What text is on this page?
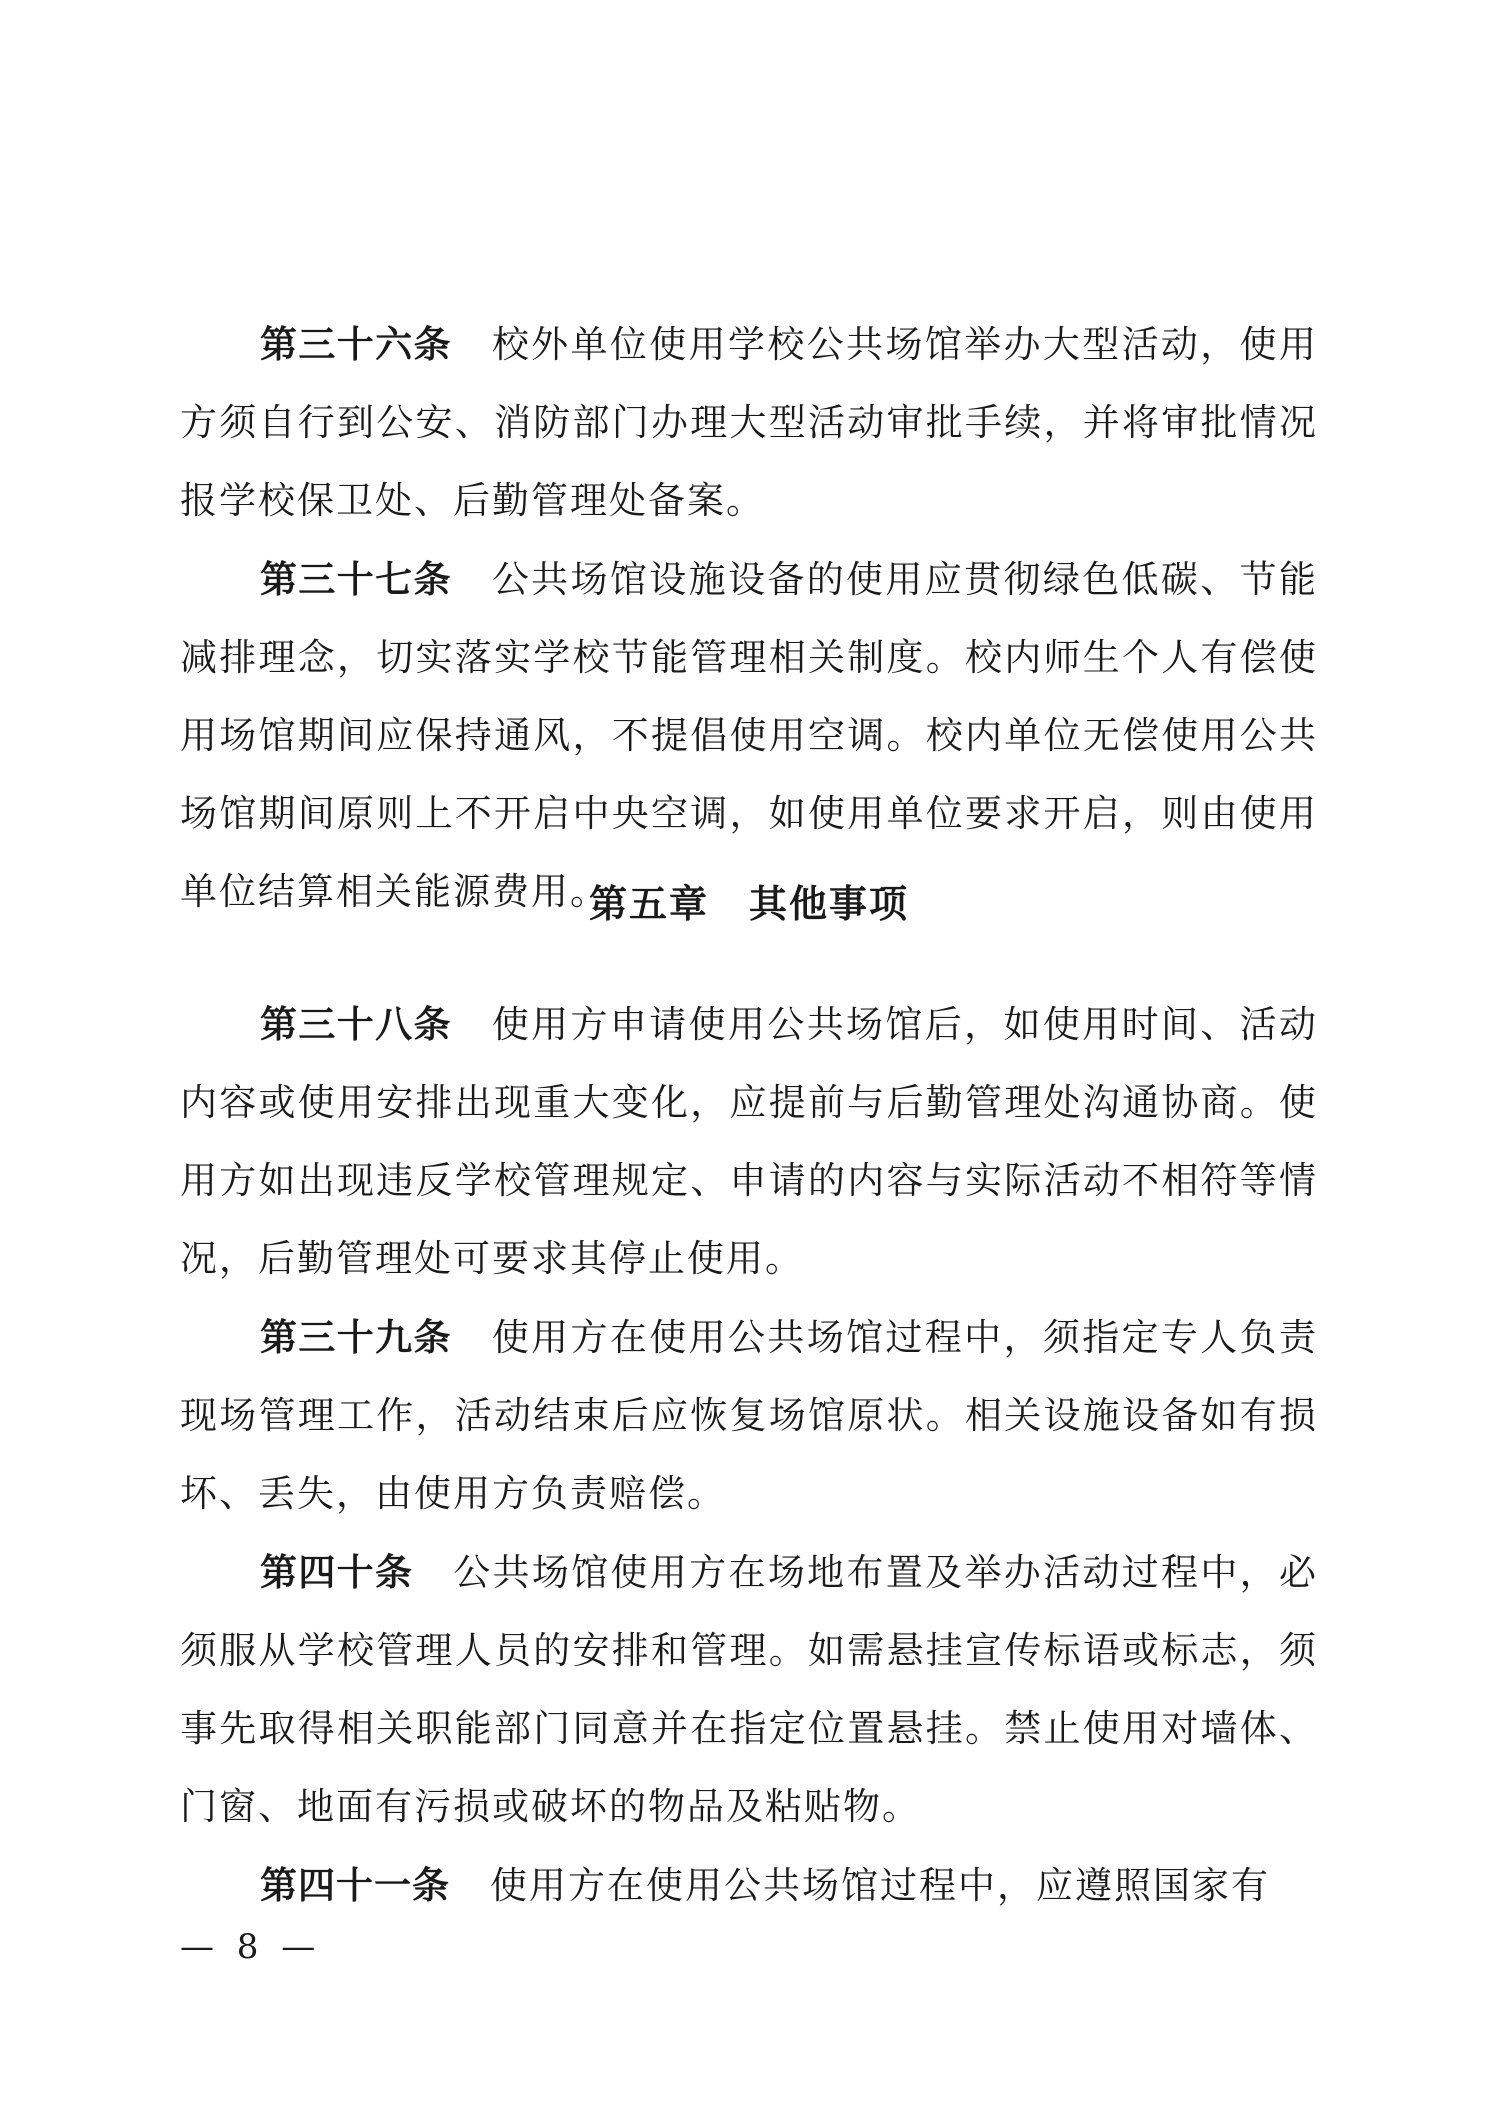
第三十六条 校外单位使用学校公共场馆举办大型活动，使用方须自行到公安、消防部门办理大型活动审批手续，并将审批情况报学校保卫处、后勤管理处备案。

第三十七条 公共场馆设施设备的使用应贯彻绿色低碳、节能减排理念，切实落实学校节能管理相关制度。校内师生个人有偿使用场馆期间应保持通风，不提倡使用空调。校内单位无偿使用公共场馆期间原则上不开启中央空调，如使用单位要求开启，则由使用单位结算相关能源费用。

第五章 其他事项

第三十八条 使用方申请使用公共场馆后，如使用时间、活动内容或使用安排出现重大变化，应提前与后勤管理处沟通协商。使用方如出现违反学校管理规定、申请的内容与实际活动不相符等情况，后勤管理处可要求其停止使用。

第三十九条 使用方在使用公共场馆过程中，须指定专人负责现场管理工作，活动结束后应恢复场馆原状。相关设施设备如有损坏、丢失，由使用方负责赔偿。

第四十条 公共场馆使用方在场地布置及举办活动过程中，必须服从学校管理人员的安排和管理。如需悬挂宣传标语或标志，须事先取得相关职能部门同意并在指定位置悬挂。禁止使用对墙体、门窗、地面有污损或破坏的物品及粘贴物。

第四十一条 使用方在使用公共场馆过程中，应遵照国家有

— 8 —
